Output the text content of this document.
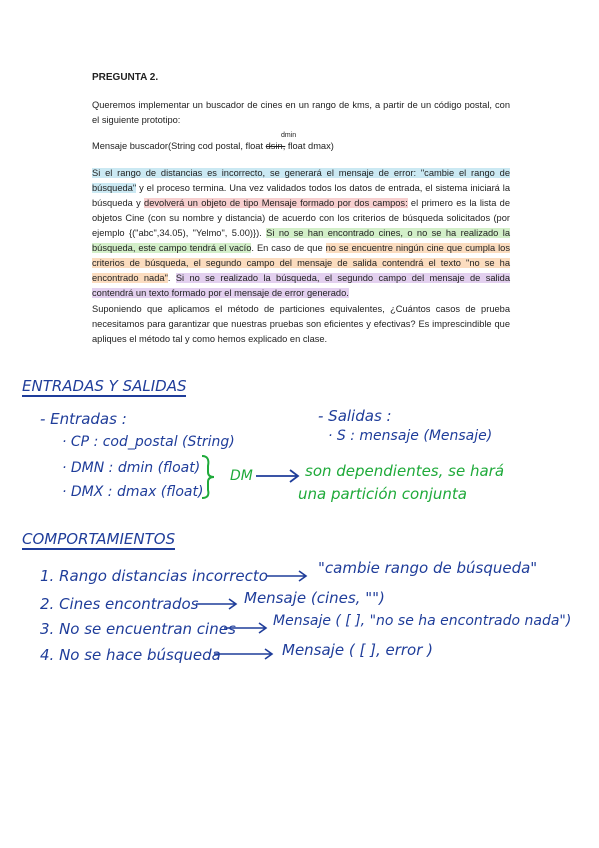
PREGUNTA 2.
Queremos implementar un buscador de cines en un rango de kms, a partir de un código postal, con el siguiente prototipo:
dmin
Mensaje buscador(String cod postal, float dsin, float dmax)
Si el rango de distancias es incorrecto, se generará el mensaje de error: "cambie el rango de búsqueda" y el proceso termina. Una vez validados todos los datos de entrada, el sistema iniciará la búsqueda y devolverá un objeto de tipo Mensaje formado por dos campos: el primero es la lista de objetos Cine (con su nombre y distancia) de acuerdo con los criterios de búsqueda solicitados (por ejemplo {("abc",34.05), "Yelmo", 5.00)}). Si no se han encontrado cines, o no se ha realizado la búsqueda, este campo tendrá el vacío. En caso de que no se encuentre ningún cine que cumpla los criterios de búsqueda, el segundo campo del mensaje de salida contendrá el texto "no se ha encontrado nada". Si no se realizado la búsqueda, el segundo campo del mensaje de salida contendrá un texto formado por el mensaje de error generado.
Suponiendo que aplicamos el método de particiones equivalentes, ¿Cuántos casos de prueba necesitamos para garantizar que nuestras pruebas son eficientes y efectivas? Es imprescindible que apliques el método tal y como hemos explicado en clase.
ENTRADAS Y SALIDAS
- Entradas :
· CP : cod_postal (String)
· DMN : dmin (float)
· DMX : dmax (float)
DM	son dependientes, se hará
una partición conjunta
- Salidas :
· S : mensaje (Mensaje)
COMPORTAMIENTOS
1. Rango distancias incorrecto	"cambie rango de búsqueda"
2. Cines encontrados	Mensaje (cines, "")
3. No se encuentran cines	Mensaje ( [ ], "no se ha encontrado nada")
4. No se hace búsqueda	Mensaje ( [ ], error )
